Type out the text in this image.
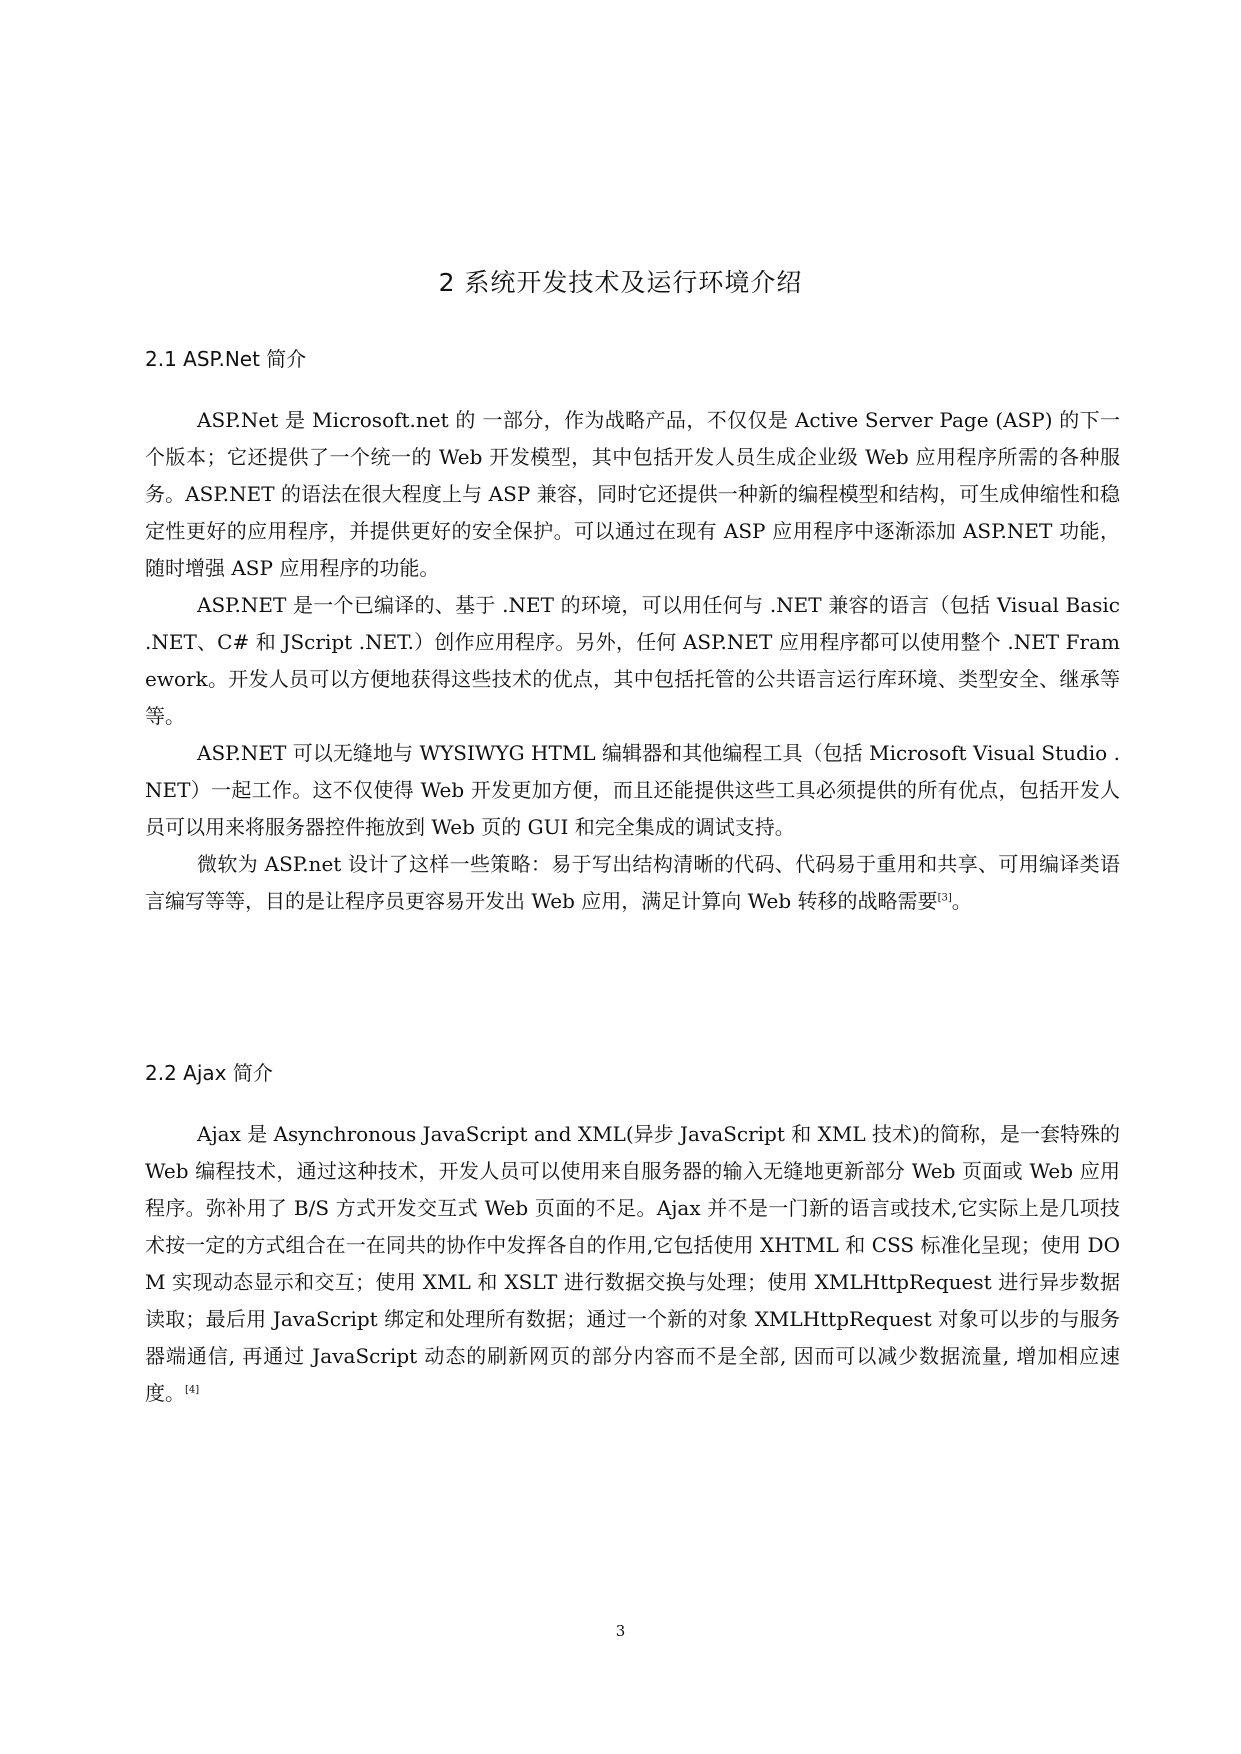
2 系统开发技术及运行环境介绍
2.1 ASP.Net 简介

ASP.Net 是 Microsoft.net 的 一部分，作为战略产品，不仅仅是 Active Server Page (ASP) 的下一个版本；它还提供了一个统一的 Web 开发模型，其中包括开发人员生成企业级 Web 应用程序所需的各种服务。ASP.NET 的语法在很大程度上与 ASP 兼容，同时它还提供一种新的编程模型和结构，可生成伸缩性和稳定性更好的应用程序，并提供更好的安全保护。可以通过在现有 ASP 应用程序中逐渐添加 ASP.NET 功能，随时增强 ASP 应用程序的功能。

ASP.NET 是一个已编译的、基于 .NET 的环境，可以用任何与 .NET 兼容的语言（包括 Visual Basic .NET、C# 和 JScript .NET.）创作应用程序。另外，任何 ASP.NET 应用程序都可以使用整个 .NET Framework。开发人员可以方便地获得这些技术的优点，其中包括托管的公共语言运行库环境、类型安全、继承等等。

ASP.NET 可以无缝地与 WYSIWYG HTML 编辑器和其他编程工具（包括 Microsoft Visual Studio .NET）一起工作。这不仅使得 Web 开发更加方便，而且还能提供这些工具必须提供的所有优点，包括开发人员可以用来将服务器控件拖放到 Web 页的 GUI 和完全集成的调试支持。

微软为 ASP.net 设计了这样一些策略：易于写出结构清晰的代码、代码易于重用和共享、可用编译类语言编写等等，目的是让程序员更容易开发出 Web 应用，满足计算向 Web 转移的战略需要[3]。

2.2 Ajax 简介

Ajax 是 Asynchronous JavaScript and XML(异步 JavaScript 和 XML 技术)的简称，是一套特殊的 Web 编程技术，通过这种技术，开发人员可以使用来自服务器的输入无缝地更新部分 Web 页面或 Web 应用程序。弥补用了 B/S 方式开发交互式 Web 页面的不足。Ajax 并不是一门新的语言或技术,它实际上是几项技术按一定的方式组合在一在同共的协作中发挥各自的作用,它包括使用 XHTML 和 CSS 标准化呈现；使用 DOM 实现动态显示和交互；使用 XML 和 XSLT 进行数据交换与处理；使用 XMLHttpRequest 进行异步数据读取；最后用 JavaScript 绑定和处理所有数据；通过一个新的对象 XMLHttpRequest 对象可以步的与服务器端通信, 再通过 JavaScript 动态的刷新网页的部分内容而不是全部, 因而可以减少数据流量, 增加相应速度。[4]

3
